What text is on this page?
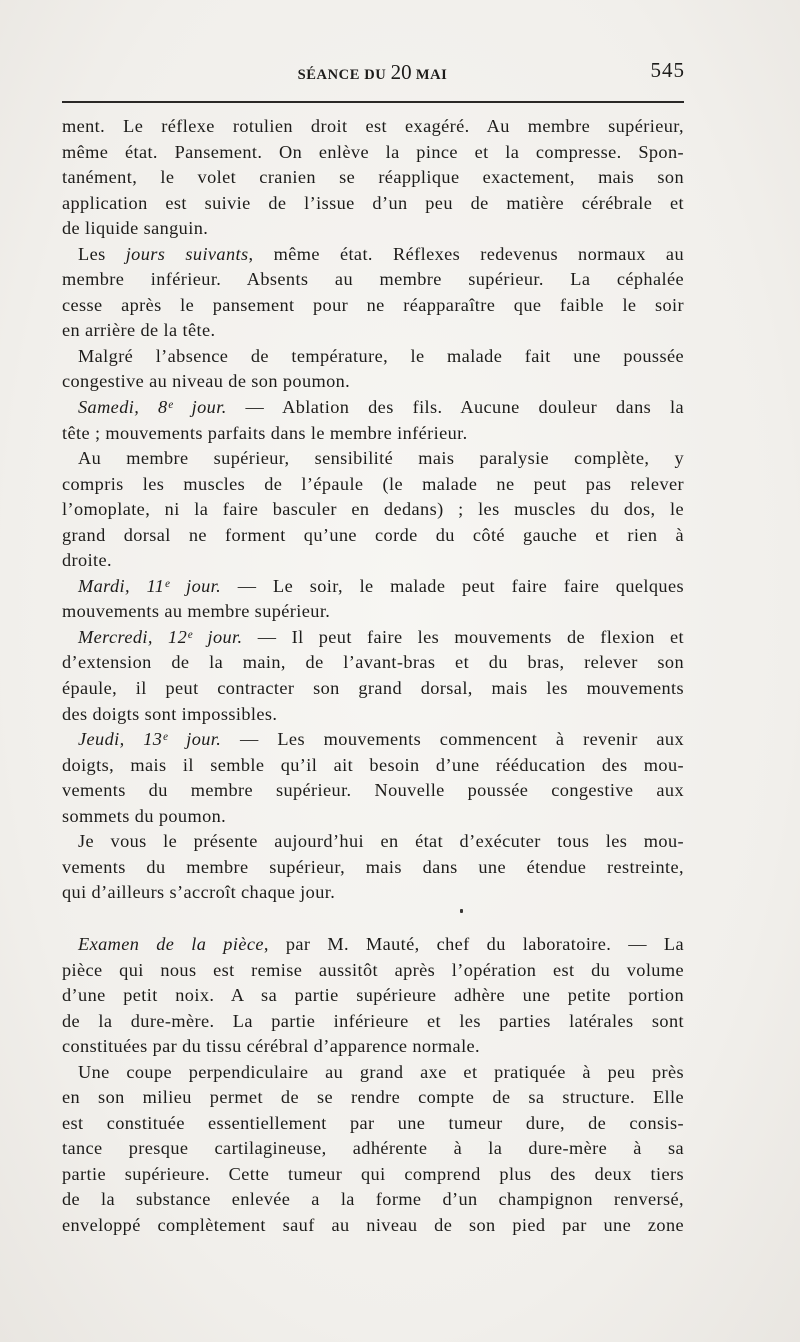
SÉANCE DU 20 MAI	545
ment. Le réflexe rotulien droit est exagéré. Au membre supérieur,
même état. Pansement. On enlève la pince et la compresse. Spon-
tanément, le volet cranien se réapplique exactement, mais son
application est suivie de l’issue d’un peu de matière cérébrale et
de liquide sanguin.
Les jours suivants, même état. Réflexes redevenus normaux au
membre inférieur. Absents au membre supérieur. La céphalée
cesse après le pansement pour ne réapparaître que faible le soir
en arrière de la tête.
Malgré l’absence de température, le malade fait une poussée
congestive au niveau de son poumon.
Samedi, 8ᵉ jour. — Ablation des fils. Aucune douleur dans la
tête ; mouvements parfaits dans le membre inférieur.
Au membre supérieur, sensibilité mais paralysie complète, y
compris les muscles de l’épaule (le malade ne peut pas relever
l’omoplate, ni la faire basculer en dedans) ; les muscles du dos, le
grand dorsal ne forment qu’une corde du côté gauche et rien à
droite.
Mardi, 11ᵉ jour. — Le soir, le malade peut faire faire quelques
mouvements au membre supérieur.
Mercredi, 12ᵉ jour. — Il peut faire les mouvements de flexion et
d’extension de la main, de l’avant-bras et du bras, relever son
épaule, il peut contracter son grand dorsal, mais les mouvements
des doigts sont impossibles.
Jeudi, 13ᵉ jour. — Les mouvements commencent à revenir aux
doigts, mais il semble qu’il ait besoin d’une rééducation des mou-
vements du membre supérieur. Nouvelle poussée congestive aux
sommets du poumon.
Je vous le présente aujourd’hui en état d’exécuter tous les mou-
vements du membre supérieur, mais dans une étendue restreinte,
qui d’ailleurs s’accroît chaque jour.
Examen de la pièce, par M. Mauté, chef du laboratoire. — La
pièce qui nous est remise aussitôt après l’opération est du volume
d’une petit noix. A sa partie supérieure adhère une petite portion
de la dure-mère. La partie inférieure et les parties latérales sont
constituées par du tissu cérébral d’apparence normale.
Une coupe perpendiculaire au grand axe et pratiquée à peu près
en son milieu permet de se rendre compte de sa structure. Elle
est constituée essentiellement par une tumeur dure, de consis-
tance presque cartilagineuse, adhérente à la dure-mère à sa
partie supérieure. Cette tumeur qui comprend plus des deux tiers
de la substance enlevée a la forme d’un champignon renversé,
enveloppé complètement sauf au niveau de son pied par une zone
